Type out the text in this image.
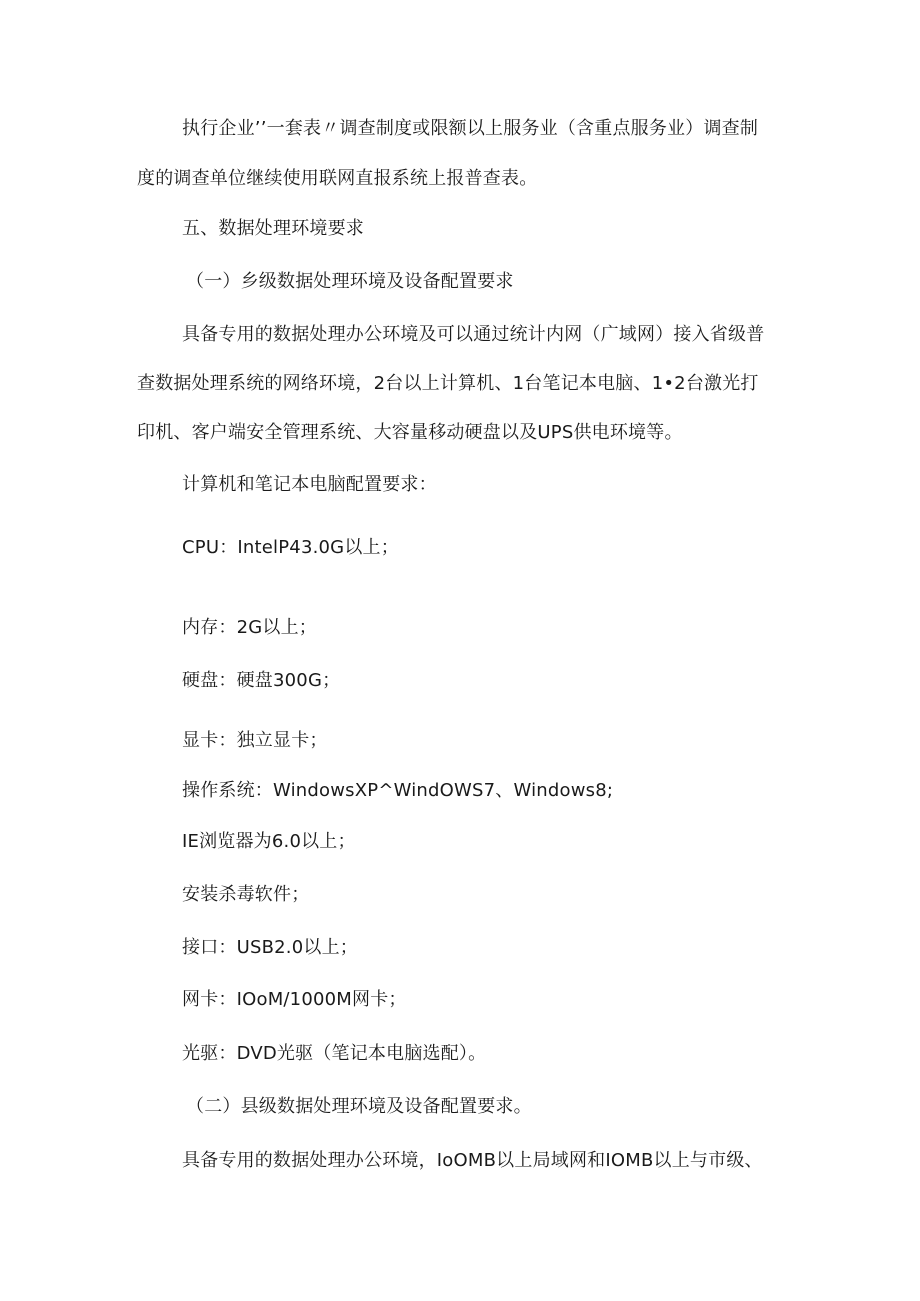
执行企业’’一套表〃调查制度或限额以上服务业（含重点服务业）调查制
度的调查单位继续使用联网直报系统上报普查表。
五、数据处理环境要求
（一）乡级数据处理环境及设备配置要求
具备专用的数据处理办公环境及可以通过统计内网（广域网）接入省级普
查数据处理系统的网络环境，2台以上计算机、1台笔记本电脑、1•2台激光打
印机、客户端安全管理系统、大容量移动硬盘以及UPS供电环境等。
计算机和笔记本电脑配置要求：
CPU：IntelP43.0G以上；
内存：2G以上；
硬盘：硬盘300G；
显卡：独立显卡；
操作系统：WindowsXP^WindOWS7、Windows8;
IE浏览器为6.0以上；
安装杀毒软件；
接口：USB2.0以上；
网卡：IOoM/1000M网卡；
光驱：DVD光驱（笔记本电脑选配）。
（二）县级数据处理环境及设备配置要求。
具备专用的数据处理办公环境，IoOMB以上局域网和IOMB以上与市级、
